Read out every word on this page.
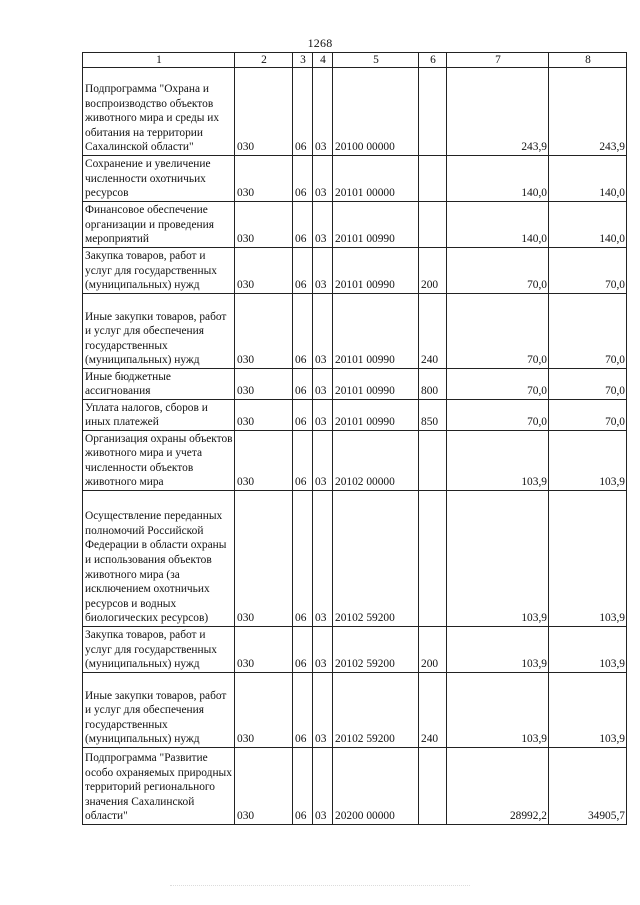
1268
1	2	3	4	5	6	7	8
Подпрограмма "Охрана и воспроизводство объектов животного мира и среды их обитания на территории Сахалинской области"	030	06	03	20100 00000		243,9	243,9
Сохранение и увеличение численности охотничьих ресурсов	030	06	03	20101 00000		140,0	140,0
Финансовое обеспечение организации и проведения мероприятий	030	06	03	20101 00990		140,0	140,0
Закупка товаров, работ и услуг для государственных (муниципальных) нужд	030	06	03	20101 00990	200	70,0	70,0
Иные закупки товаров, работ и услуг для обеспечения государственных (муниципальных) нужд	030	06	03	20101 00990	240	70,0	70,0
Иные бюджетные ассигнования	030	06	03	20101 00990	800	70,0	70,0
Уплата налогов, сборов и иных платежей	030	06	03	20101 00990	850	70,0	70,0
Организация охраны объектов животного мира и учета численности объектов животного мира	030	06	03	20102 00000		103,9	103,9
Осуществление переданных полномочий Российской Федерации в области охраны и использования объектов животного мира (за исключением охотничьих ресурсов и водных биологических ресурсов)	030	06	03	20102 59200		103,9	103,9
Закупка товаров, работ и услуг для государственных (муниципальных) нужд	030	06	03	20102 59200	200	103,9	103,9
Иные закупки товаров, работ и услуг для обеспечения государственных (муниципальных) нужд	030	06	03	20102 59200	240	103,9	103,9
Подпрограмма "Развитие особо охраняемых природных территорий регионального значения Сахалинской области"	030	06	03	20200 00000		28992,2	34905,7
